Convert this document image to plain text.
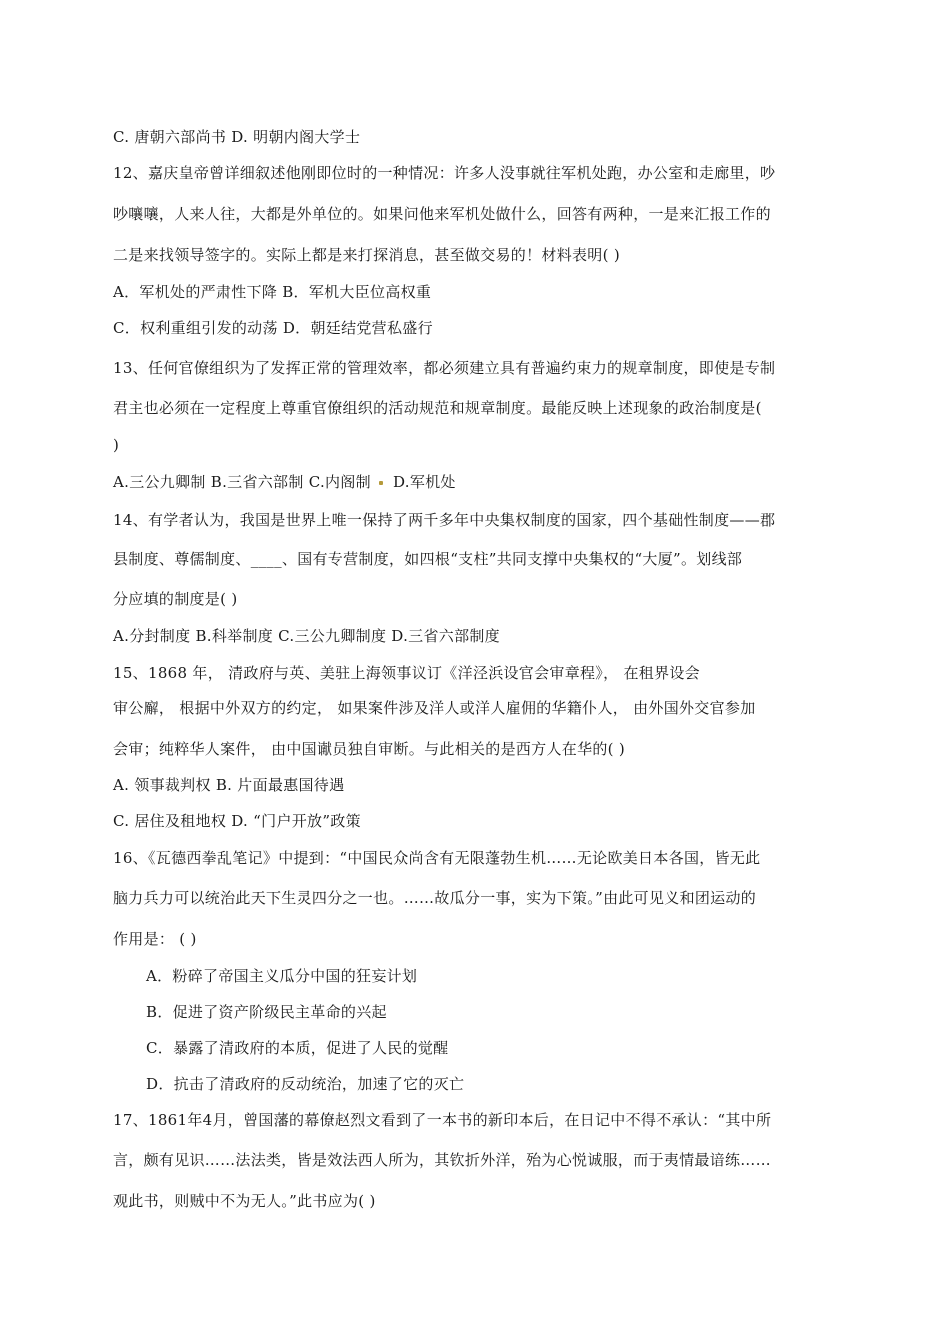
C. 唐朝六部尚书 D. 明朝内阁大学士
12、嘉庆皇帝曾详细叙述他刚即位时的一种情况：许多人没事就往军机处跑，办公室和走廊里，吵
吵嚷嚷，人来人往，大都是外单位的。如果问他来军机处做什么，回答有两种，一是来汇报工作的
二是来找领导签字的。实际上都是来打探消息，甚至做交易的！材料表明( )
A．军机处的严肃性下降 B．军机大臣位高权重
C．权利重组引发的动荡 D．朝廷结党营私盛行
13、任何官僚组织为了发挥正常的管理效率，都必须建立具有普遍约束力的规章制度，即使是专制
君主也必须在一定程度上尊重官僚组织的活动规范和规章制度。最能反映上述现象的政治制度是(
)
A.三公九卿制 B.三省六部制 C.内阁制 D.军机处
14、有学者认为，我国是世界上唯一保持了两千多年中央集权制度的国家，四个基础性制度——郡
县制度、尊儒制度、____、国有专营制度，如四根“支柱”共同支撑中央集权的“大厦”。划线部
分应填的制度是( )
A.分封制度 B.科举制度 C.三公九卿制度 D.三省六部制度
15、1868 年， 清政府与英、美驻上海领事议订《洋泾浜设官会审章程》， 在租界设会
审公廨， 根据中外双方的约定， 如果案件涉及洋人或洋人雇佣的华籍仆人， 由外国外交官参加
会审；纯粹华人案件， 由中国谳员独自审断。与此相关的是西方人在华的( )
A. 领事裁判权 B. 片面最惠国待遇
C. 居住及租地权 D. “门户开放”政策
16、《瓦德西拳乱笔记》中提到：“中国民众尚含有无限蓬勃生机……无论欧美日本各国，皆无此
脑力兵力可以统治此天下生灵四分之一也。……故瓜分一事，实为下策。”由此可见义和团运动的
作用是： ( )
A．粉碎了帝国主义瓜分中国的狂妄计划
B．促进了资产阶级民主革命的兴起
C．暴露了清政府的本质，促进了人民的觉醒
D．抗击了清政府的反动统治，加速了它的灭亡
17、1861年4月，曾国藩的幕僚赵烈文看到了一本书的新印本后，在日记中不得不承认：“其中所
言，颇有见识……法法类，皆是效法西人所为，其钦折外洋，殆为心悦诚服，而于夷情最谙练……
观此书，则贼中不为无人。”此书应为( )
